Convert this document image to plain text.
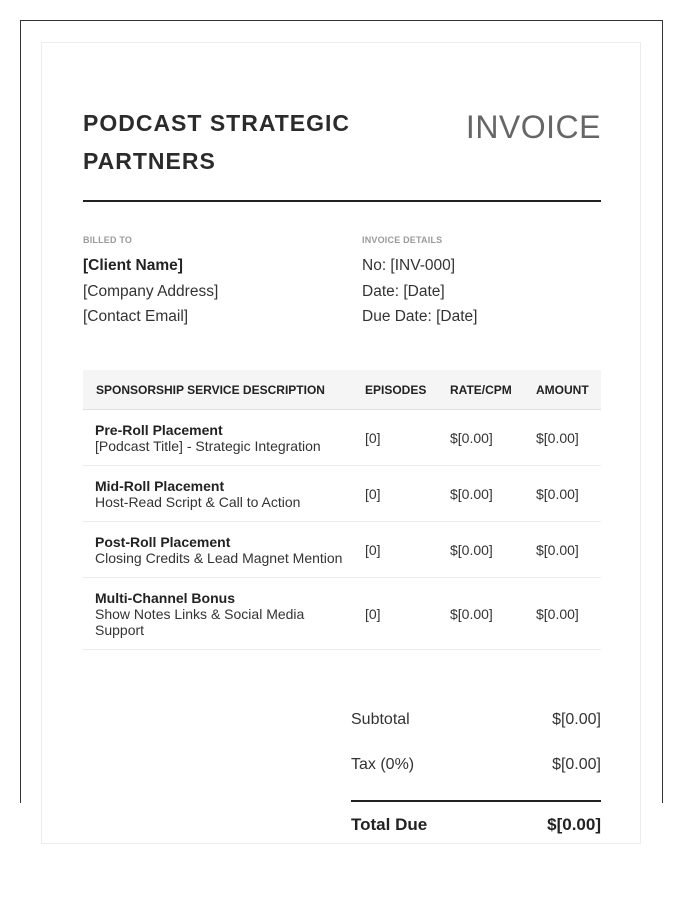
PODCAST STRATEGIC PARTNERS
INVOICE
BILLED TO
[Client Name]
[Company Address]
[Contact Email]
INVOICE DETAILS
No: [INV-000]
Date: [Date]
Due Date: [Date]
SPONSORSHIP SERVICE DESCRIPTION	EPISODES	RATE/CPM	AMOUNT

Pre-Roll Placement
[Podcast Title] - Strategic Integration	[0]	$[0.00]	$[0.00]

Mid-Roll Placement
Host-Read Script & Call to Action	[0]	$[0.00]	$[0.00]

Post-Roll Placement
Closing Credits & Lead Magnet Mention	[0]	$[0.00]	$[0.00]

Multi-Channel Bonus
Show Notes Links & Social Media Support	[0]	$[0.00]	$[0.00]
Subtotal	$[0.00]
Tax (0%)	$[0.00]
Total Due	$[0.00]
